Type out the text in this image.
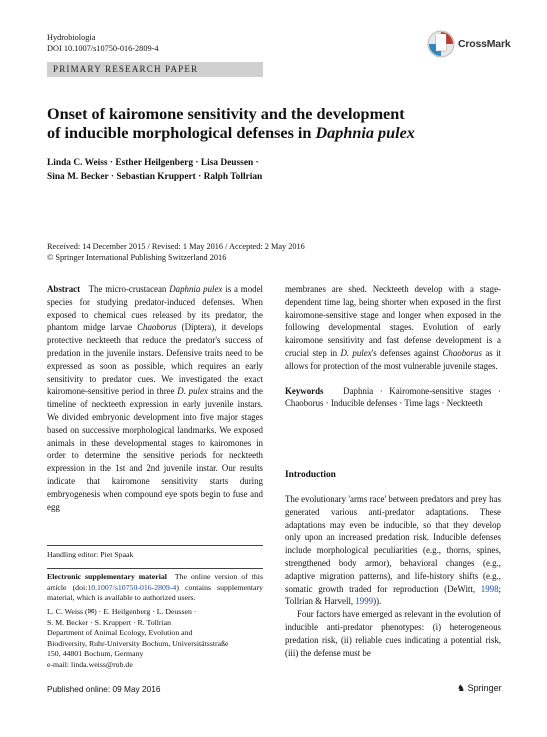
Hydrobiologia
DOI 10.1007/s10750-016-2809-4	CrossMark
PRIMARY RESEARCH PAPER
Onset of kairomone sensitivity and the development
of inducible morphological defenses in Daphnia pulex
Linda C. Weiss · Esther Heilgenberg · Lisa Deussen ·
Sina M. Becker · Sebastian Kruppert · Ralph Tollrian
Received: 14 December 2015 / Revised: 1 May 2016 / Accepted: 2 May 2016
© Springer International Publishing Switzerland 2016

Abstract The micro-crustacean Daphnia pulex is a model species for studying predator-induced defenses. When exposed to chemical cues released by its predator, the phantom midge larvae Chaoborus (Diptera), it develops protective neckteeth that reduce the predator's success of predation in the juvenile instars. Defensive traits need to be expressed as soon as possible, which requires an early sensitivity to predator cues. We investigated the exact kairomone-sensitive period in three D. pulex strains and the timeline of neckteeth expression in early juvenile instars. We divided embryonic development into five major stages based on successive morphological landmarks. We exposed animals in these developmental stages to kairomones in order to determine the sensitive periods for neckteeth expression in the 1st and 2nd juvenile instar. Our results indicate that kairomone sensitivity starts during embryogenesis when compound eye spots begin to fuse and egg

Handling editor: Piet Spaak
Electronic supplementary material The online version of this article (doi:10.1007/s10750-016-2809-4) contains supplementary material, which is available to authorized users.
L. C. Weiss (✉) · E. Heilgenberg · L. Deussen ·
S. M. Becker · S. Kruppert · R. Tollrian
Department of Animal Ecology, Evolution and
Biodiversity, Ruhr-University Bochum, Universitätsstraße
150, 44801 Bochum, Germany
e-mail: linda.weiss@rub.de

membranes are shed. Neckteeth develop with a stage-dependent time lag, being shorter when exposed in the first kairomone-sensitive stage and longer when exposed in the following developmental stages. Evolution of early kairomone sensitivity and fast defense development is a crucial step in D. pulex's defenses against Chaoborus as it allows for protection of the most vulnerable juvenile stages.

Keywords Daphnia · Kairomone-sensitive stages · Chaoborus · Inducible defenses · Time lags · Neckteeth

Introduction

The evolutionary 'arms race' between predators and prey has generated various anti-predator adaptations. These adaptations may even be inducible, so that they develop only upon an increased predation risk. Inducible defenses include morphological peculiarities (e.g., thorns, spines, strengthened body armor), behavioral changes (e.g., adaptive migration patterns), and life-history shifts (e.g., somatic growth traded for reproduction (DeWitt, 1998; Tollrian & Harvell, 1999)).

Four factors have emerged as relevant in the evolution of inducible anti-predator phenotypes: (i) heterogeneous predation risk, (ii) reliable cues indicating a potential risk, (iii) the defense must be

Published online: 09 May 2016	♞ Springer
